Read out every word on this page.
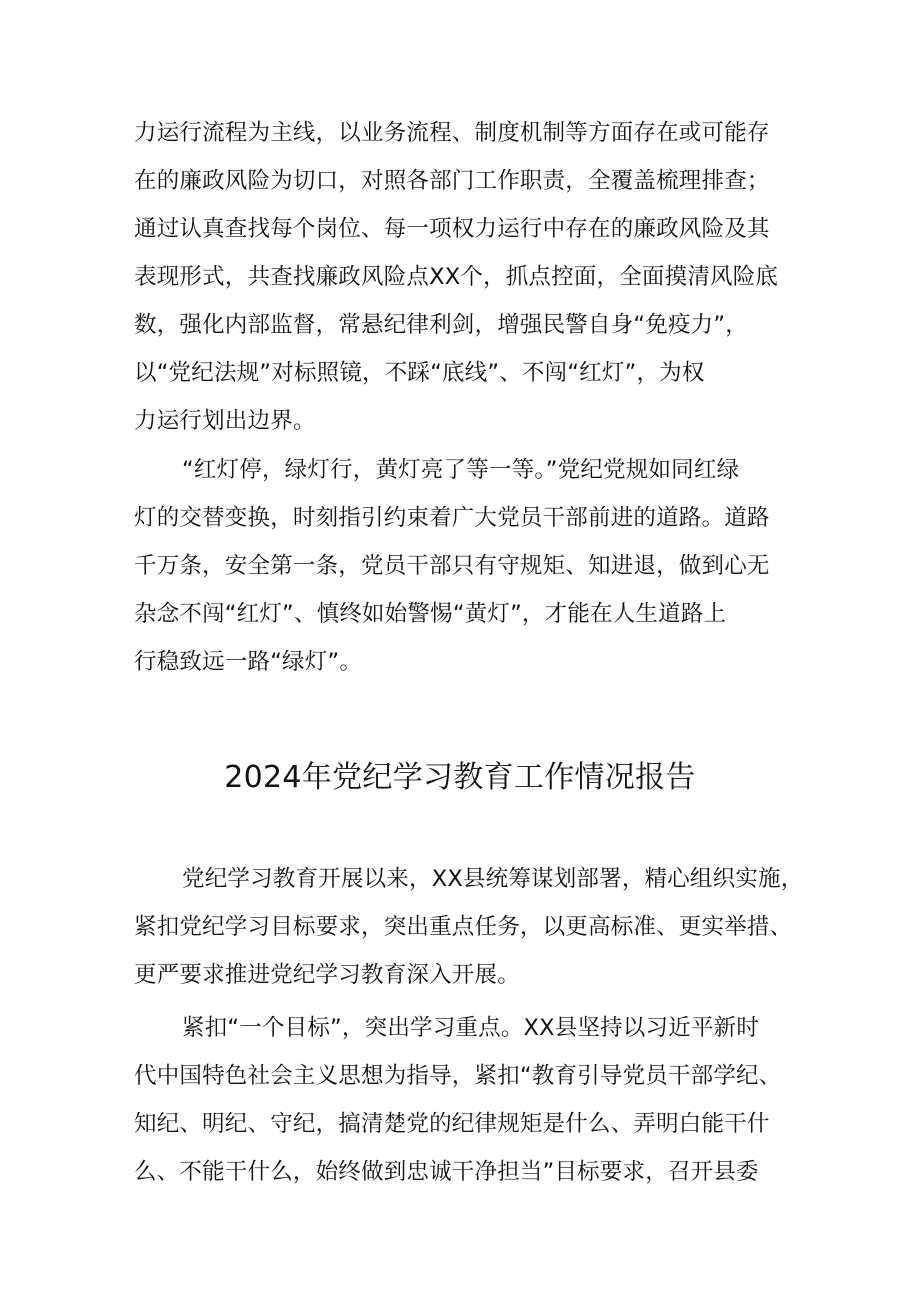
力运行流程为主线，以业务流程、制度机制等方面存在或可能存
在的廉政风险为切口，对照各部门工作职责，全覆盖梳理排查；
通过认真查找每个岗位、每一项权力运行中存在的廉政风险及其
表现形式，共查找廉政风险点XX个，抓点控面，全面摸清风险底
数，强化内部监督，常悬纪律利剑，增强民警自身“免疫力”，
以“党纪法规”对标照镜，不踩“底线”、不闯“红灯”，为权
力运行划出边界。
“红灯停，绿灯行，黄灯亮了等一等。”党纪党规如同红绿
灯的交替变换，时刻指引约束着广大党员干部前进的道路。道路
千万条，安全第一条，党员干部只有守规矩、知进退，做到心无
杂念不闯“红灯”、慎终如始警惕“黄灯”，才能在人生道路上
行稳致远一路“绿灯”。
2024年党纪学习教育工作情况报告
党纪学习教育开展以来，XX县统筹谋划部署，精心组织实施，
紧扣党纪学习目标要求，突出重点任务，以更高标准、更实举措、
更严要求推进党纪学习教育深入开展。
紧扣“一个目标”，突出学习重点。XX县坚持以习近平新时
代中国特色社会主义思想为指导，紧扣“教育引导党员干部学纪、
知纪、明纪、守纪，搞清楚党的纪律规矩是什么、弄明白能干什
么、不能干什么，始终做到忠诚干净担当”目标要求，召开县委
